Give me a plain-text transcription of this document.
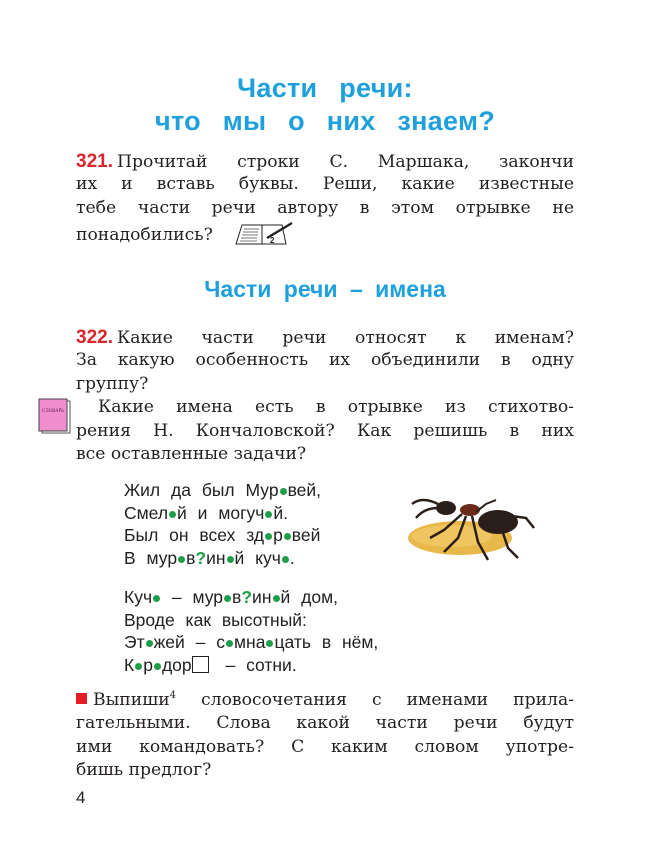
Части речи:
что мы о них знаем?
321. Прочитай строки С. Маршака, закончи
их и вставь буквы. Реши, какие известные
тебе части речи автору в этом отрывке не
понадобились?	2
Части речи – имена
322. Какие части речи относят к именам?
За какую особенность их объединили в одну
группу?
Какие имена есть в отрывке из стихотво-
рения Н. Кончаловской? Как решишь в них
все оставленные задачи?
СЛОВАРЬ
Жил да был Мур вей,
Смел й и могуч й.
Был он всех зд р вей
В мур в?ин й куч .
Куч – мур в?ин й дом,
Вроде как высотный:
Эт жей – с мна цать в нём,
К р дор – сотни.
Выпиши$^4$ словосочетания с именами прила-
гательными. Слова какой части речи будут
ими командовать? С каким словом употре-
бишь предлог?
4
